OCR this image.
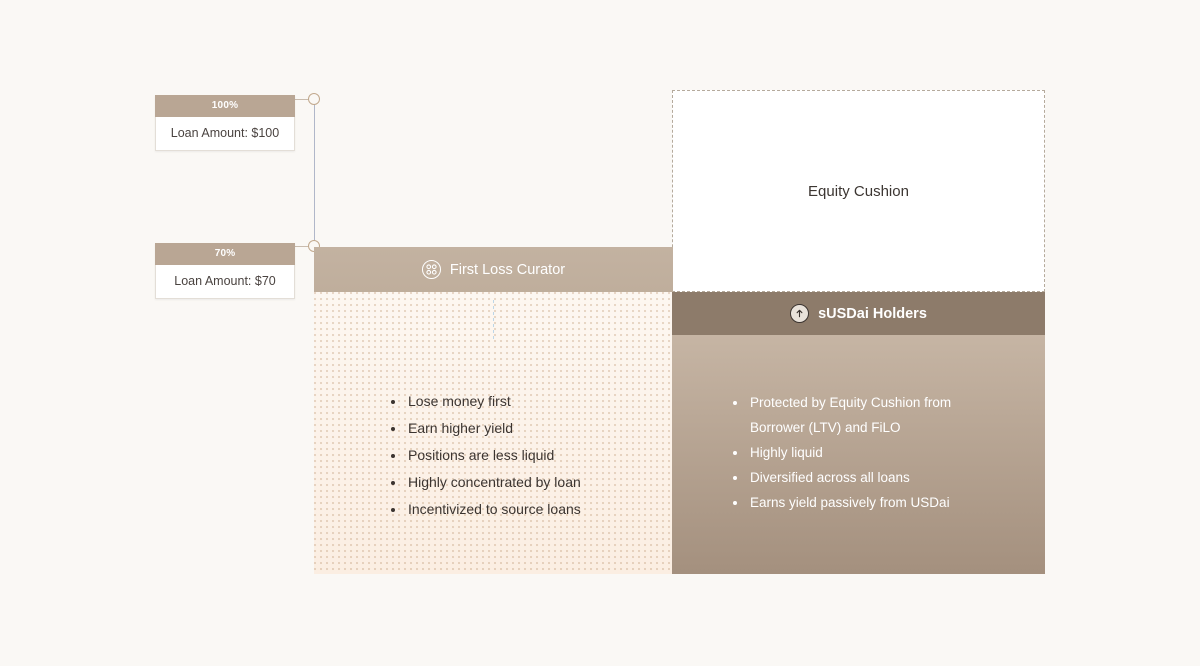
100%
Loan Amount: $100
70%
Loan Amount: $70
Equity Cushion
First Loss Curator
• Lose money first
• Earn higher yield
• Positions are less liquid
• Highly concentrated by loan
• Incentivized to source loans
sUSDai Holders
• Protected by Equity Cushion from Borrower (LTV) and FiLO
• Highly liquid
• Diversified across all loans
• Earns yield passively from USDai
